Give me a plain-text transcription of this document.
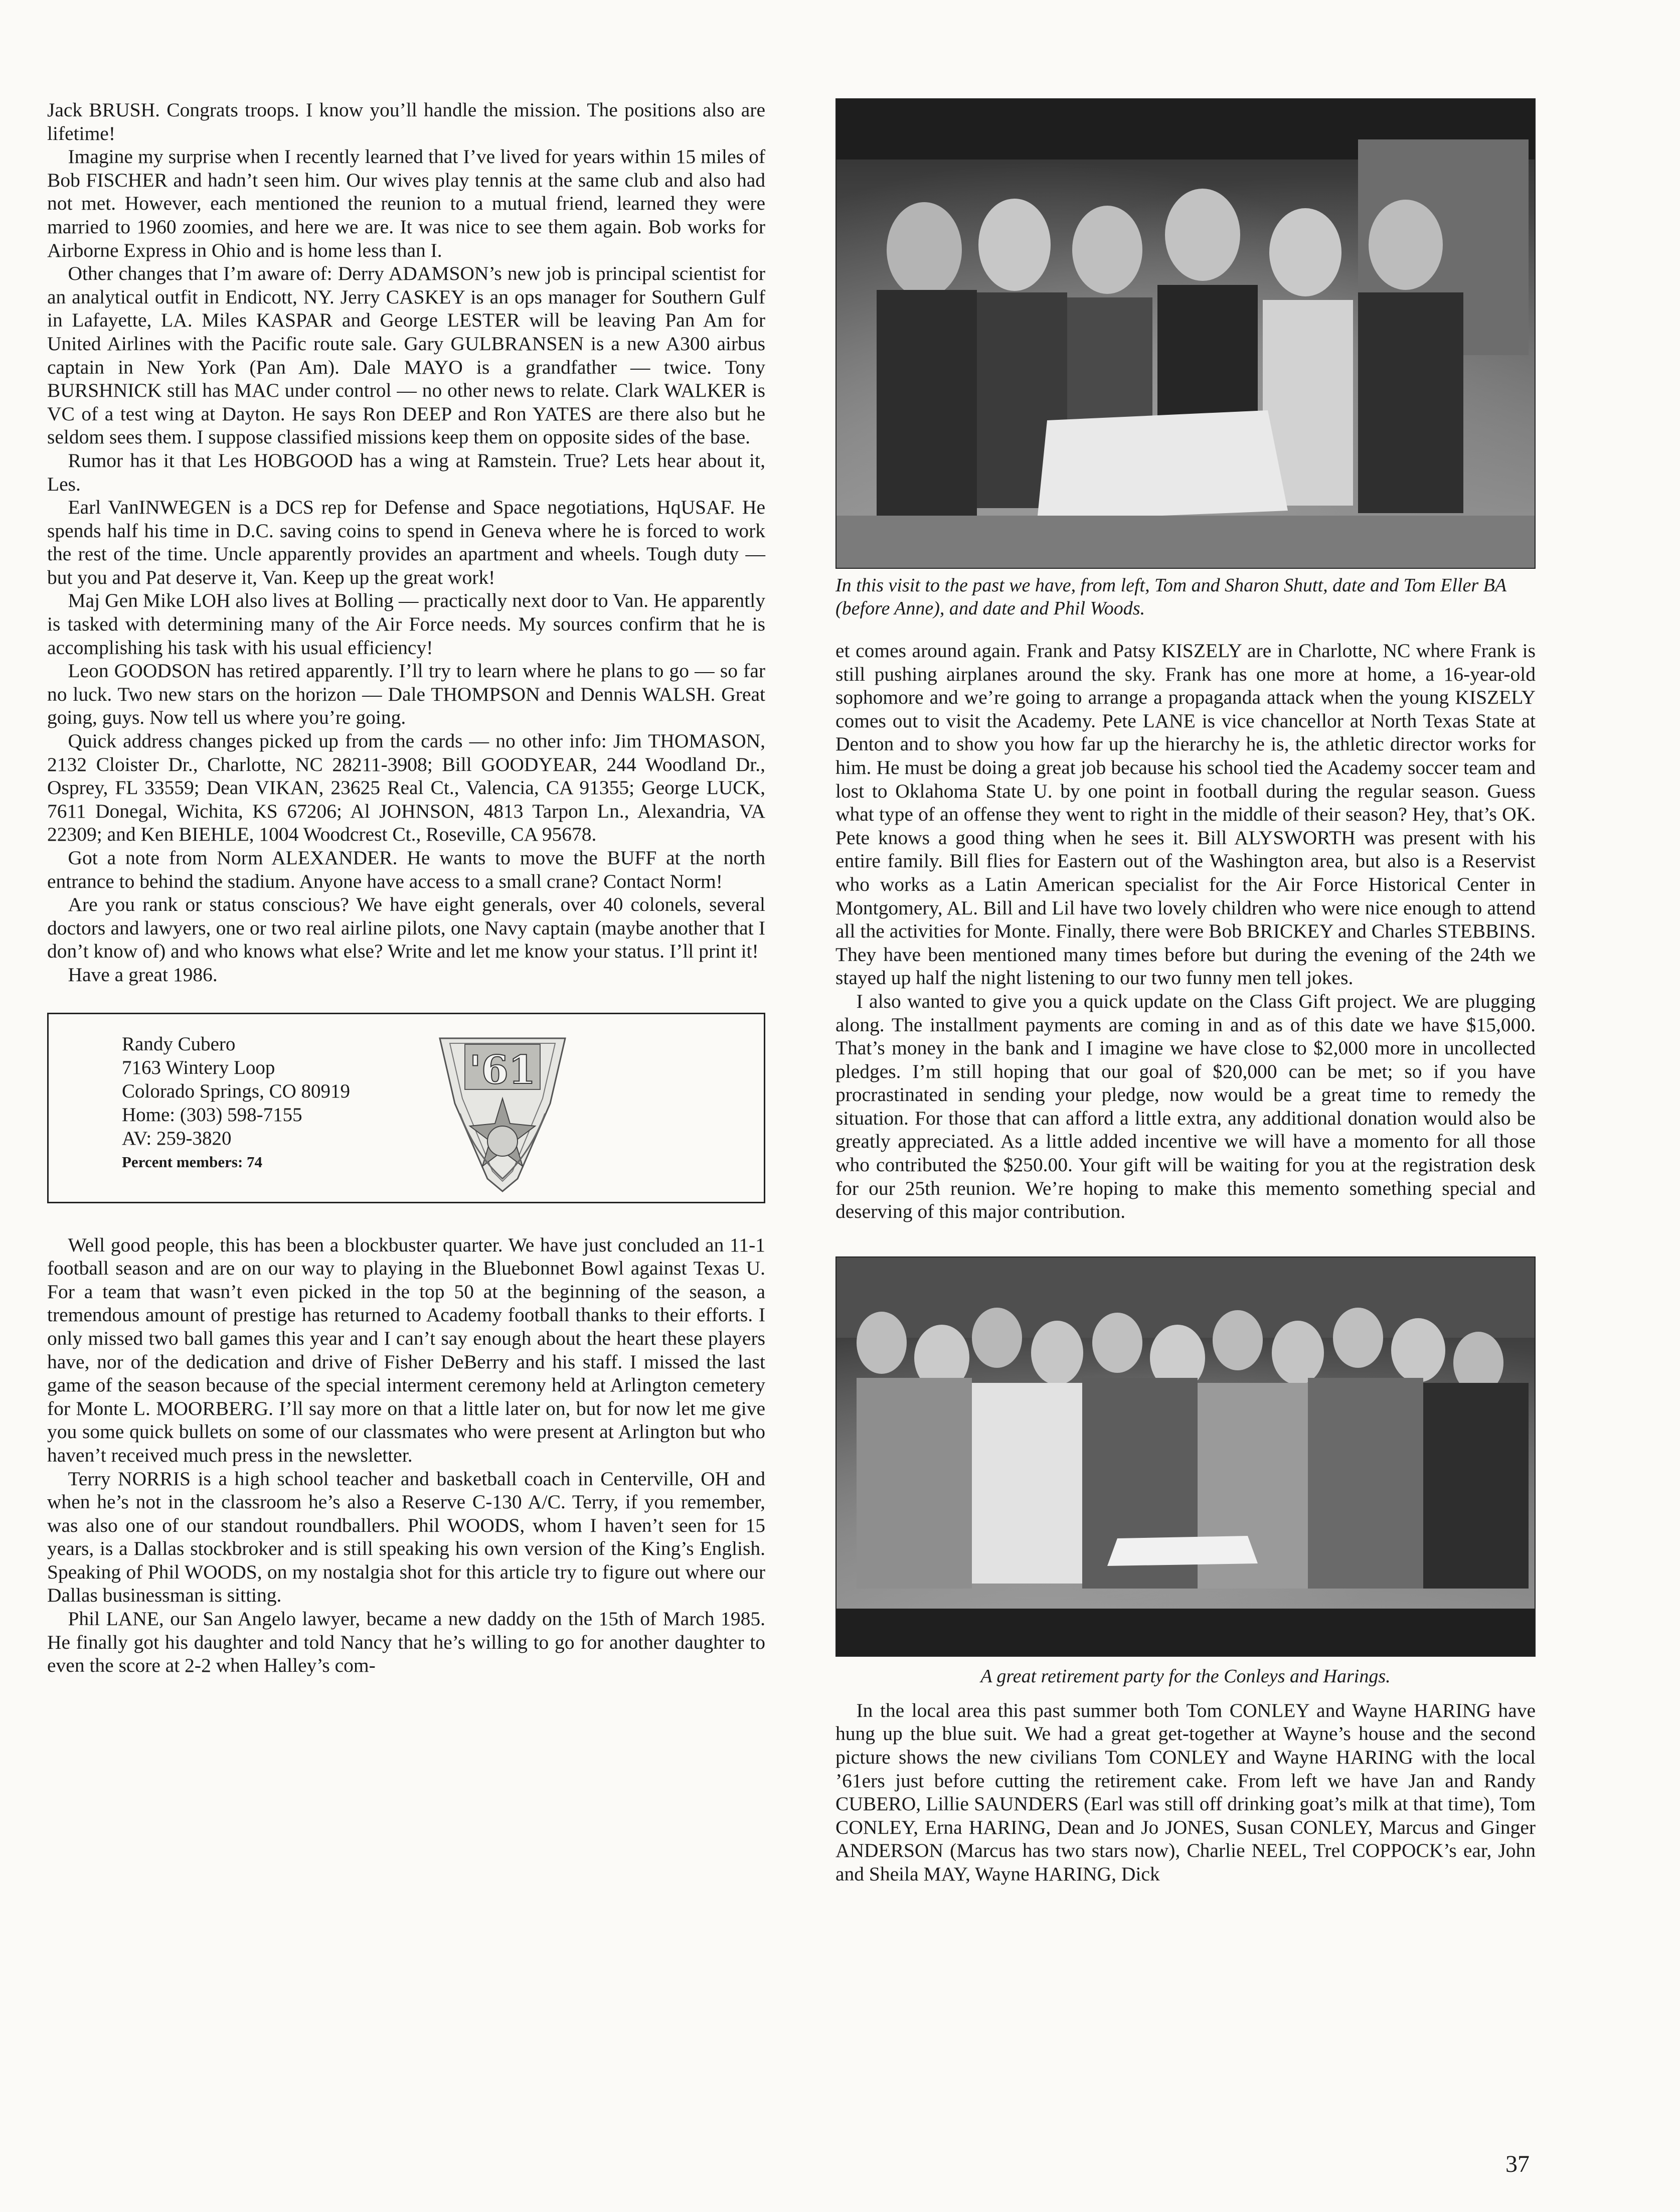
Jack BRUSH. Congrats troops. I know you’ll handle the mission. The positions also are lifetime!

Imagine my surprise when I recently learned that I’ve lived for years within 15 miles of Bob FISCHER and hadn’t seen him. Our wives play tennis at the same club and also had not met. However, each mentioned the reunion to a mutual friend, learned they were married to 1960 zoomies, and here we are. It was nice to see them again. Bob works for Airborne Express in Ohio and is home less than I.

Other changes that I’m aware of: Derry ADAMSON’s new job is principal scientist for an analytical outfit in Endicott, NY. Jerry CASKEY is an ops manager for Southern Gulf in Lafayette, LA. Miles KASPAR and George LESTER will be leaving Pan Am for United Airlines with the Pacific route sale. Gary GULBRANSEN is a new A300 airbus captain in New York (Pan Am). Dale MAYO is a grandfather — twice. Tony BURSHNICK still has MAC under control — no other news to relate. Clark WALKER is VC of a test wing at Dayton. He says Ron DEEP and Ron YATES are there also but he seldom sees them. I suppose classified missions keep them on opposite sides of the base.

Rumor has it that Les HOBGOOD has a wing at Ramstein. True? Lets hear about it, Les.

Earl VanINWEGEN is a DCS rep for Defense and Space negotiations, HqUSAF. He spends half his time in D.C. saving coins to spend in Geneva where he is forced to work the rest of the time. Uncle apparently provides an apartment and wheels. Tough duty — but you and Pat deserve it, Van. Keep up the great work!

Maj Gen Mike LOH also lives at Bolling — practically next door to Van. He apparently is tasked with determining many of the Air Force needs. My sources confirm that he is accomplishing his task with his usual efficiency!

Leon GOODSON has retired apparently. I’ll try to learn where he plans to go — so far no luck. Two new stars on the horizon — Dale THOMPSON and Dennis WALSH. Great going, guys. Now tell us where you’re going.

Quick address changes picked up from the cards — no other info: Jim THOMASON, 2132 Cloister Dr., Charlotte, NC 28211-3908; Bill GOODYEAR, 244 Woodland Dr., Osprey, FL 33559; Dean VIKAN, 23625 Real Ct., Valencia, CA 91355; George LUCK, 7611 Donegal, Wichita, KS 67206; Al JOHNSON, 4813 Tarpon Ln., Alexandria, VA 22309; and Ken BIEHLE, 1004 Woodcrest Ct., Roseville, CA 95678.

Got a note from Norm ALEXANDER. He wants to move the BUFF at the north entrance to behind the stadium. Anyone have access to a small crane? Contact Norm!

Are you rank or status conscious? We have eight generals, over 40 colonels, several doctors and lawyers, one or two real airline pilots, one Navy captain (maybe another that I don’t know of) and who knows what else? Write and let me know your status. I’ll print it!

Have a great 1986.

Randy Cubero
7163 Wintery Loop
Colorado Springs, CO 80919
Home: (303) 598-7155
AV: 259-3820
Percent members: 74
'61

Well good people, this has been a blockbuster quarter. We have just concluded an 11-1 football season and are on our way to playing in the Bluebonnet Bowl against Texas U. For a team that wasn’t even picked in the top 50 at the beginning of the season, a tremendous amount of prestige has returned to Academy football thanks to their efforts. I only missed two ball games this year and I can’t say enough about the heart these players have, nor of the dedication and drive of Fisher DeBerry and his staff. I missed the last game of the season because of the special interment ceremony held at Arlington cemetery for Monte L. MOORBERG. I’ll say more on that a little later on, but for now let me give you some quick bullets on some of our classmates who were present at Arlington but who haven’t received much press in the newsletter.

Terry NORRIS is a high school teacher and basketball coach in Centerville, OH and when he’s not in the classroom he’s also a Reserve C-130 A/C. Terry, if you remember, was also one of our standout roundballers. Phil WOODS, whom I haven’t seen for 15 years, is a Dallas stockbroker and is still speaking his own version of the King’s English. Speaking of Phil WOODS, on my nostalgia shot for this article try to figure out where our Dallas businessman is sitting.

Phil LANE, our San Angelo lawyer, became a new daddy on the 15th of March 1985. He finally got his daughter and told Nancy that he’s willing to go for another daughter to even the score at 2-2 when Halley’s com-

In this visit to the past we have, from left, Tom and Sharon Shutt, date and Tom Eller BA (before Anne), and date and Phil Woods.

et comes around again. Frank and Patsy KISZELY are in Charlotte, NC where Frank is still pushing airplanes around the sky. Frank has one more at home, a 16-year-old sophomore and we’re going to arrange a propaganda attack when the young KISZELY comes out to visit the Academy. Pete LANE is vice chancellor at North Texas State at Denton and to show you how far up the hierarchy he is, the athletic director works for him. He must be doing a great job because his school tied the Academy soccer team and lost to Oklahoma State U. by one point in football during the regular season. Guess what type of an offense they went to right in the middle of their season? Hey, that’s OK. Pete knows a good thing when he sees it. Bill ALYSWORTH was present with his entire family. Bill flies for Eastern out of the Washington area, but also is a Reservist who works as a Latin American specialist for the Air Force Historical Center in Montgomery, AL. Bill and Lil have two lovely children who were nice enough to attend all the activities for Monte. Finally, there were Bob BRICKEY and Charles STEBBINS. They have been mentioned many times before but during the evening of the 24th we stayed up half the night listening to our two funny men tell jokes.

I also wanted to give you a quick update on the Class Gift project. We are plugging along. The installment payments are coming in and as of this date we have $15,000. That’s money in the bank and I imagine we have close to $2,000 more in uncollected pledges. I’m still hoping that our goal of $20,000 can be met; so if you have procrastinated in sending your pledge, now would be a great time to remedy the situation. For those that can afford a little extra, any additional donation would also be greatly appreciated. As a little added incentive we will have a momento for all those who contributed the $250.00. Your gift will be waiting for you at the registration desk for our 25th reunion. We’re hoping to make this memento something special and deserving of this major contribution.

A great retirement party for the Conleys and Harings.

In the local area this past summer both Tom CONLEY and Wayne HARING have hung up the blue suit. We had a great get-together at Wayne’s house and the second picture shows the new civilians Tom CONLEY and Wayne HARING with the local ’61ers just before cutting the retirement cake. From left we have Jan and Randy CUBERO, Lillie SAUNDERS (Earl was still off drinking goat’s milk at that time), Tom CONLEY, Erna HARING, Dean and Jo JONES, Susan CONLEY, Marcus and Ginger ANDERSON (Marcus has two stars now), Charlie NEEL, Trel COPPOCK’s ear, John and Sheila MAY, Wayne HARING, Dick

37
